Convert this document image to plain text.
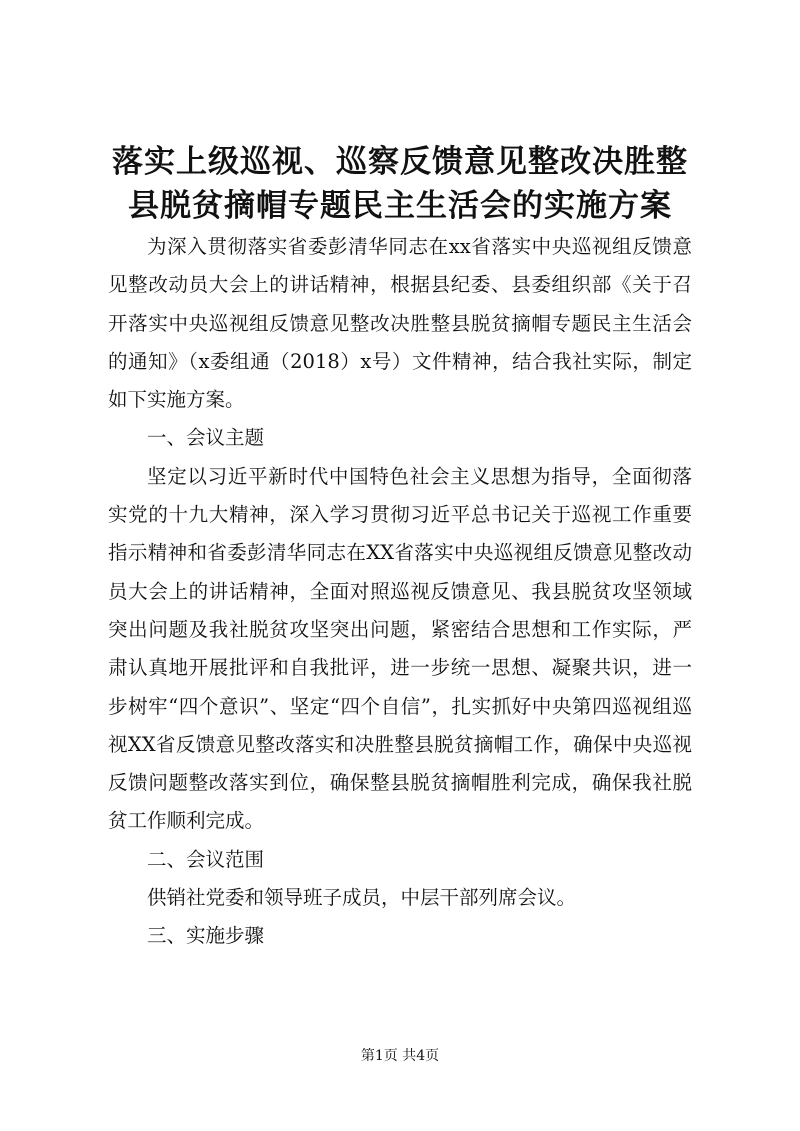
落实上级巡视、巡察反馈意见整改决胜整县脱贫摘帽专题民主生活会的实施方案

为深入贯彻落实省委彭清华同志在xx省落实中央巡视组反馈意见整改动员大会上的讲话精神，根据县纪委、县委组织部《关于召开落实中央巡视组反馈意见整改决胜整县脱贫摘帽专题民主生活会的通知》（x委组通（2018）x号）文件精神，结合我社实际，制定如下实施方案。

一、会议主题

坚定以习近平新时代中国特色社会主义思想为指导，全面彻落实党的十九大精神，深入学习贯彻习近平总书记关于巡视工作重要指示精神和省委彭清华同志在XX省落实中央巡视组反馈意见整改动员大会上的讲话精神，全面对照巡视反馈意见、我县脱贫攻坚领域突出问题及我社脱贫攻坚突出问题，紧密结合思想和工作实际，严肃认真地开展批评和自我批评，进一步统一思想、凝聚共识，进一步树牢“四个意识”、坚定“四个自信”，扎实抓好中央第四巡视组巡视XX省反馈意见整改落实和决胜整县脱贫摘帽工作，确保中央巡视反馈问题整改落实到位，确保整县脱贫摘帽胜利完成，确保我社脱贫工作顺利完成。

二、会议范围

供销社党委和领导班子成员，中层干部列席会议。

三、实施步骤

第1页 共4页
